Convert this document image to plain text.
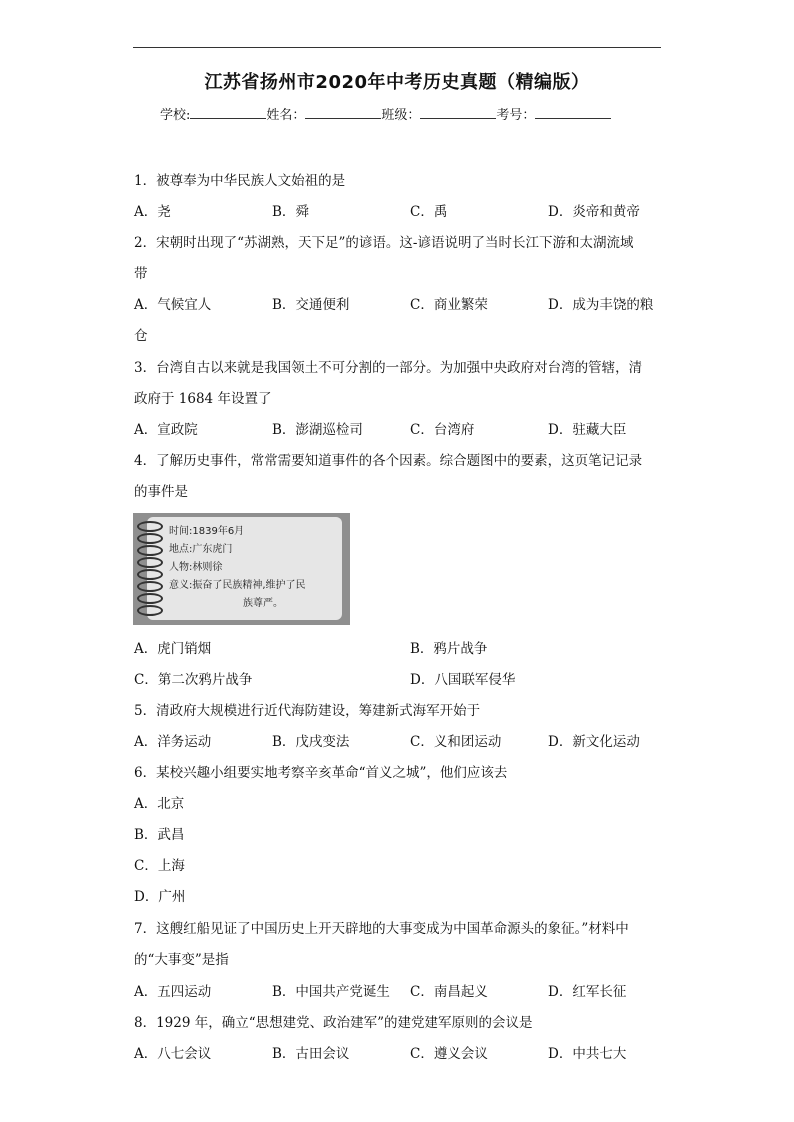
江苏省扬州市2020年中考历史真题（精编版）
学校:	姓名：	班级：	考号：
1．被尊奉为中华民族人文始祖的是
A．尧	B．舜	C．禹	D．炎帝和黄帝
2．宋朝时出现了“苏湖熟，天下足”的谚语。这-谚语说明了当时长江下游和太湖流域
带
A．气候宜人	B．交通便利	C．商业繁荣	D．成为丰饶的粮
仓
3．台湾自古以来就是我国领土不可分割的一部分。为加强中央政府对台湾的管辖，清
政府于 1684 年设置了
A．宣政院	B．澎湖巡检司	C．台湾府	D．驻藏大臣
4．了解历史事件，常常需要知道事件的各个因素。综合题图中的要素，这页笔记记录
的事件是
时间:1839年6月
地点:广东虎门
人物:林则徐
意义:振奋了民族精神,维护了民
族尊严。
A．虎门销烟	B．鸦片战争
C．第二次鸦片战争	D．八国联军侵华
5．清政府大规模进行近代海防建设，筹建新式海军开始于
A．洋务运动	B．戊戌变法	C．义和团运动	D．新文化运动
6．某校兴趣小组要实地考察辛亥革命“首义之城”，他们应该去
A．北京
B．武昌
C．上海
D．广州
7．这艘红船见证了中国历史上开天辟地的大事变成为中国革命源头的象征。”材料中
的“大事变”是指
A．五四运动	B．中国共产党诞生 C．南昌起义	D．红军长征
8．1929 年，确立“思想建党、政治建军”的建党建军原则的会议是
A．八七会议	B．古田会议	C．遵义会议	D．中共七大
